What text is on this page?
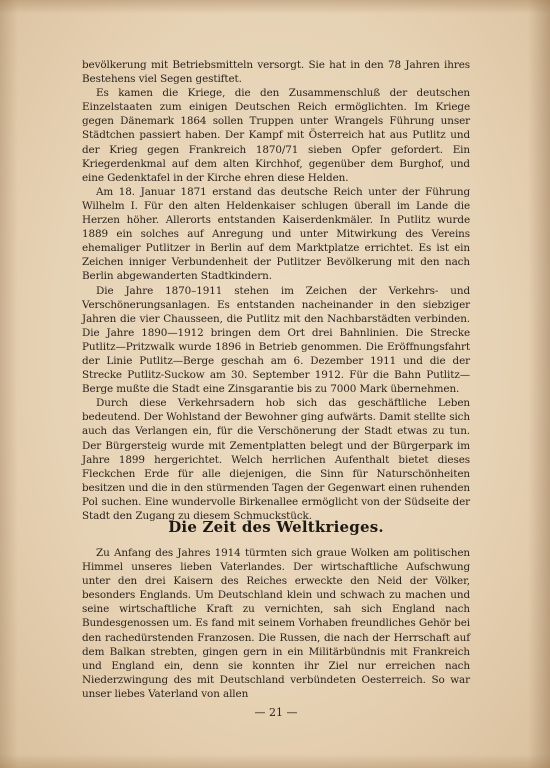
bevölkerung mit Betriebsmitteln versorgt. Sie hat in den 78 Jahren ihres Bestehens viel Segen gestiftet.

Es kamen die Kriege, die den Zusammenschluß der deutschen Einzelstaaten zum einigen Deutschen Reich ermöglichten. Im Kriege gegen Dänemark 1864 sollen Truppen unter Wrangels Führung unser Städtchen passiert haben. Der Kampf mit Österreich hat aus Putlitz und der Krieg gegen Frankreich 1870/71 sieben Opfer gefordert. Ein Kriegerdenkmal auf dem alten Kirchhof, gegenüber dem Burghof, und eine Gedenktafel in der Kirche ehren diese Helden.

Am 18. Januar 1871 erstand das deutsche Reich unter der Führung Wilhelm I. Für den alten Heldenkaiser schlugen überall im Lande die Herzen höher. Allerorts entstanden Kaiserdenkmäler. In Putlitz wurde 1889 ein solches auf Anregung und unter Mitwirkung des Vereins ehemaliger Putlitzer in Berlin auf dem Marktplatze errichtet. Es ist ein Zeichen inniger Verbundenheit der Putlitzer Bevölkerung mit den nach Berlin abgewanderten Stadtkindern.

Die Jahre 1870–1911 stehen im Zeichen der Verkehrs- und Verschönerungsanlagen. Es entstanden nacheinander in den siebziger Jahren die vier Chausseen, die Putlitz mit den Nachbarstädten verbinden. Die Jahre 1890—1912 bringen dem Ort drei Bahnlinien. Die Strecke Putlitz—Pritzwalk wurde 1896 in Betrieb genommen. Die Eröffnungsfahrt der Linie Putlitz—Berge geschah am 6. Dezember 1911 und die der Strecke Putlitz-Suckow am 30. September 1912. Für die Bahn Putlitz—Berge mußte die Stadt eine Zinsgarantie bis zu 7000 Mark übernehmen.

Durch diese Verkehrsadern hob sich das geschäftliche Leben bedeutend. Der Wohlstand der Bewohner ging aufwärts. Damit stellte sich auch das Verlangen ein, für die Verschönerung der Stadt etwas zu tun. Der Bürgersteig wurde mit Zementplatten belegt und der Bürgerpark im Jahre 1899 hergerichtet. Welch herrlichen Aufenthalt bietet dieses Fleckchen Erde für alle diejenigen, die Sinn für Naturschönheiten besitzen und die in den stürmenden Tagen der Gegenwart einen ruhenden Pol suchen. Eine wundervolle Birkenallee ermöglicht von der Südseite der Stadt den Zugang zu diesem Schmuckstück.

Die Zeit des Weltkrieges.

Zu Anfang des Jahres 1914 türmten sich graue Wolken am politischen Himmel unseres lieben Vaterlandes. Der wirtschaftliche Aufschwung unter den drei Kaisern des Reiches erweckte den Neid der Völker, besonders Englands. Um Deutschland klein und schwach zu machen und seine wirtschaftliche Kraft zu vernichten, sah sich England nach Bundesgenossen um. Es fand mit seinem Vorhaben freundliches Gehör bei den rachedürstenden Franzosen. Die Russen, die nach der Herrschaft auf dem Balkan strebten, gingen gern in ein Militärbündnis mit Frankreich und England ein, denn sie konnten ihr Ziel nur erreichen nach Niederzwingung des mit Deutschland verbündeten Oesterreich. So war unser liebes Vaterland von allen

— 21 —
